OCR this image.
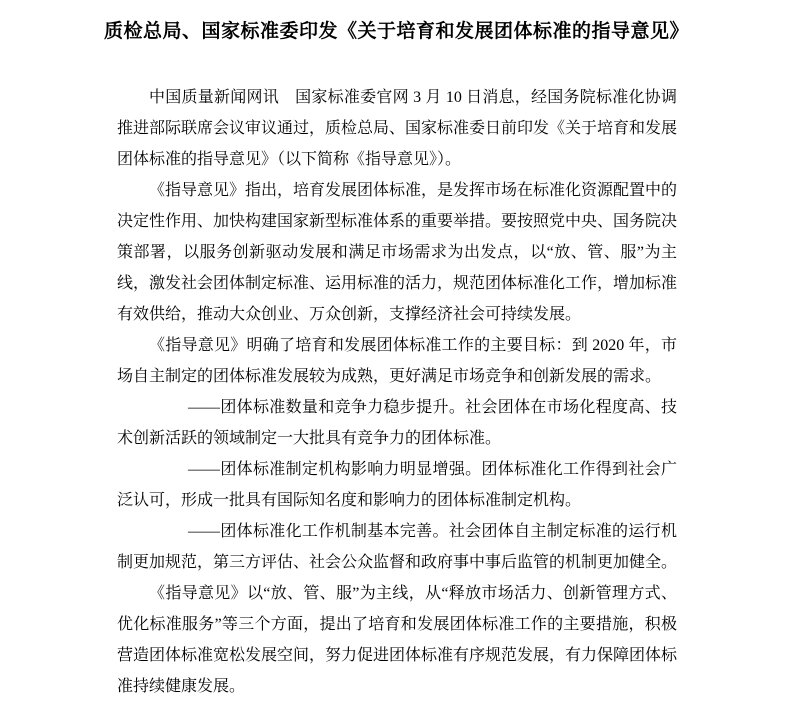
质检总局、国家标准委印发《关于培育和发展团体标准的指导意见》

中国质量新闻网讯　国家标准委官网 3 月 10 日消息，经国务院标准化协调推进部际联席会议审议通过，质检总局、国家标准委日前印发《关于培育和发展团体标准的指导意见》（以下简称《指导意见》）。

《指导意见》指出，培育发展团体标准，是发挥市场在标准化资源配置中的决定性作用、加快构建国家新型标准体系的重要举措。要按照党中央、国务院决策部署，以服务创新驱动发展和满足市场需求为出发点，以“放、管、服”为主线，激发社会团体制定标准、运用标准的活力，规范团体标准化工作，增加标准有效供给，推动大众创业、万众创新，支撑经济社会可持续发展。

《指导意见》明确了培育和发展团体标准工作的主要目标：到 2020 年，市场自主制定的团体标准发展较为成熟，更好满足市场竞争和创新发展的需求。

——团体标准数量和竞争力稳步提升。社会团体在市场化程度高、技术创新活跃的领域制定一大批具有竞争力的团体标准。

——团体标准制定机构影响力明显增强。团体标准化工作得到社会广泛认可，形成一批具有国际知名度和影响力的团体标准制定机构。

——团体标准化工作机制基本完善。社会团体自主制定标准的运行机制更加规范，第三方评估、社会公众监督和政府事中事后监管的机制更加健全。

《指导意见》以“放、管、服”为主线，从“释放市场活力、创新管理方式、优化标准服务”等三个方面，提出了培育和发展团体标准工作的主要措施，积极营造团体标准宽松发展空间，努力促进团体标准有序规范发展，有力保障团体标准持续健康发展。
